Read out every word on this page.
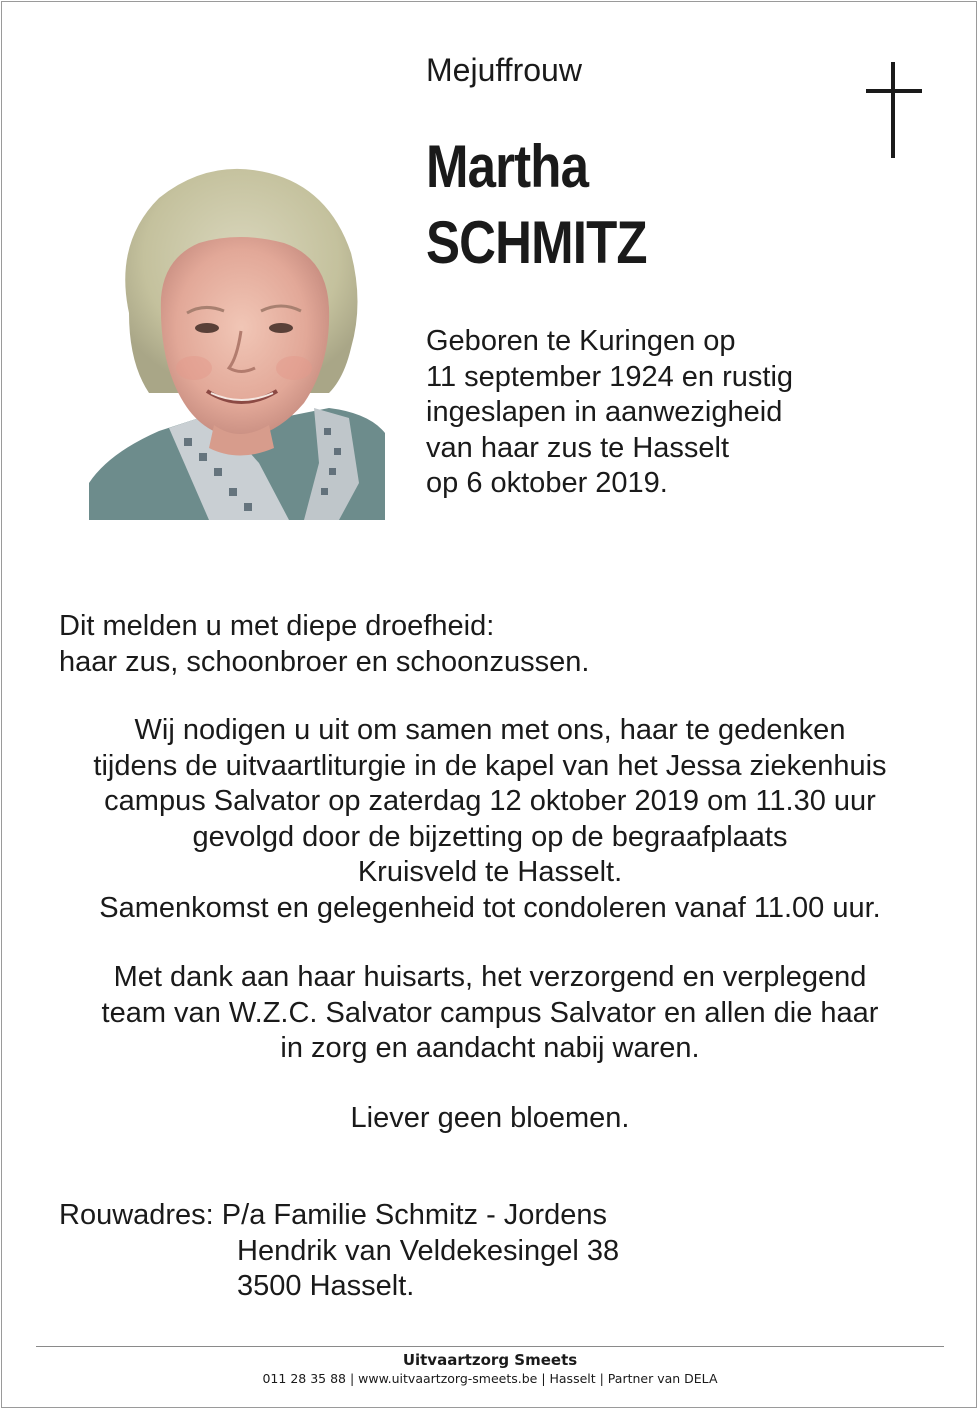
Mejuffrouw
Martha
SCHMITZ
Geboren te Kuringen op
11 september 1924 en rustig
ingeslapen in aanwezigheid
van haar zus te Hasselt
op 6 oktober 2019.
Dit melden u met diepe droefheid:
haar zus, schoonbroer en schoonzussen.
Wij nodigen u uit om samen met ons, haar te gedenken
tijdens de uitvaartliturgie in de kapel van het Jessa ziekenhuis
campus Salvator op zaterdag 12 oktober 2019 om 11.30 uur
gevolgd door de bijzetting op de begraafplaats
Kruisveld te Hasselt.
Samenkomst en gelegenheid tot condoleren vanaf 11.00 uur.
Met dank aan haar huisarts, het verzorgend en verplegend
team van W.Z.C. Salvator campus Salvator en allen die haar
in zorg en aandacht nabij waren.
Liever geen bloemen.
Rouwadres: P/a Familie Schmitz - Jordens
Hendrik van Veldekesingel 38
3500 Hasselt.
Uitvaartzorg Smeets
011 28 35 88 | www.uitvaartzorg-smeets.be | Hasselt | Partner van DELA
